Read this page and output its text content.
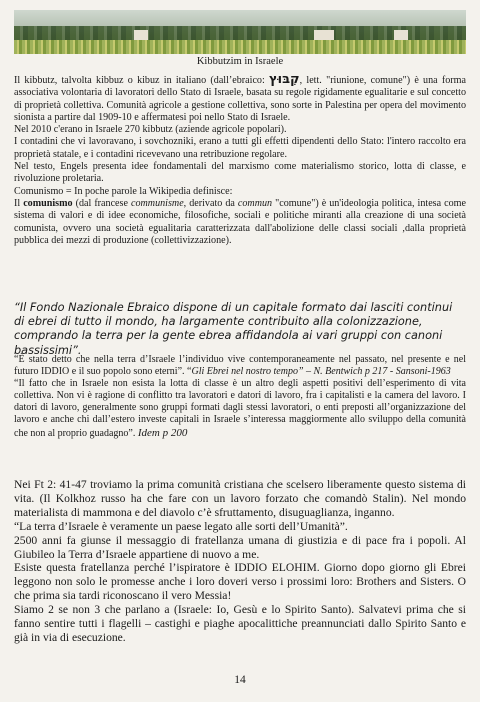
Kibbutzim in Israele

Il kibbutz, talvolta kibbuz o kibuz in italiano (dall’ebraico: קִבּוּץ, lett. "riunione, comune") è una forma associativa volontaria di lavoratori dello Stato di Israele, basata su regole rigidamente egualitarie e sul concetto di proprietà collettiva. Comunità agricole a gestione collettiva, sono sorte in Palestina per opera del movimento sionista a partire dal 1909-10 e affermatesi poi nello Stato di Israele.

Nel 2010 c'erano in Israele 270 kibbutz (aziende agricole popolari).

I contadini che vi lavoravano, i sovchozniki, erano a tutti gli effetti dipendenti dello Stato: l'intero raccolto era proprietà statale, e i contadini ricevevano una retribuzione regolare.

Nel testo, Engels presenta idee fondamentali del marxismo come materialismo storico, lotta di classe, e rivoluzione proletaria.

Comunismo = In poche parole la Wikipedia definisce:

Il comunismo (dal francese communisme, derivato da commun "comune") è un'ideologia politica, intesa come sistema di valori e di idee economiche, filosofiche, sociali e politiche miranti alla creazione di una società comunista, ovvero una società egualitaria caratterizzata dall'abolizione delle classi sociali ,dalla proprietà pubblica dei mezzi di produzione (collettivizzazione).

“Il Fondo Nazionale Ebraico dispone di un capitale formato dai lasciti continui di ebrei di tutto il mondo, ha largamente contribuito alla colonizzazione, comprando la terra per la gente ebrea affidandola ai vari gruppi con canoni bassissimi”.

“È stato detto che nella terra d’Israele l’individuo vive contemporaneamente nel passato, nel presente e nel futuro IDDIO e il suo popolo sono eterni”. “Gli Ebrei nel nostro tempo” – N. Bentwich p 217 - Sansoni-1963

“Il fatto che in Israele non esista la lotta di classe è un altro degli aspetti positivi dell’esperimento di vita collettiva. Non vi è ragione di conflitto tra lavoratori e datori di lavoro, fra i capitalisti e la camera del lavoro. I datori di lavoro, generalmente sono gruppi formati dagli stessi lavoratori, o enti preposti all’organizzazione del lavoro e anche chi dall’estero investe capitali in Israele s’interessa maggiormente allo sviluppo della comunità che non al proprio guadagno”. Idem p 200

Nei Ft 2: 41-47 troviamo la prima comunità cristiana che scelsero liberamente questo sistema di vita. (Il Kolkhoz russo ha che fare con un lavoro forzato che comandò Stalin). Nel mondo materialista di mammona e del diavolo c’è sfruttamento, disuguaglianza, inganno.

“La terra d’Israele è veramente un paese legato alle sorti dell’Umanità”.

2500 anni fa giunse il messaggio di fratellanza umana di giustizia e di pace fra i popoli. Al Giubileo la Terra d’Israele appartiene di nuovo a me.

Esiste questa fratellanza perché l’ispiratore è IDDIO ELOHIM. Giorno dopo giorno gli Ebrei leggono non solo le promesse anche i loro doveri verso i prossimi loro: Brothers and Sisters. O che prima sia tardi riconoscano il vero Messia!

Siamo 2 se non 3 che parlano a (Israele: Io, Gesù e lo Spirito Santo). Salvatevi prima che si fanno sentire tutti i flagelli – castighi e piaghe apocalittiche preannunciati dallo Spirito Santo e già in via di esecuzione.

14
